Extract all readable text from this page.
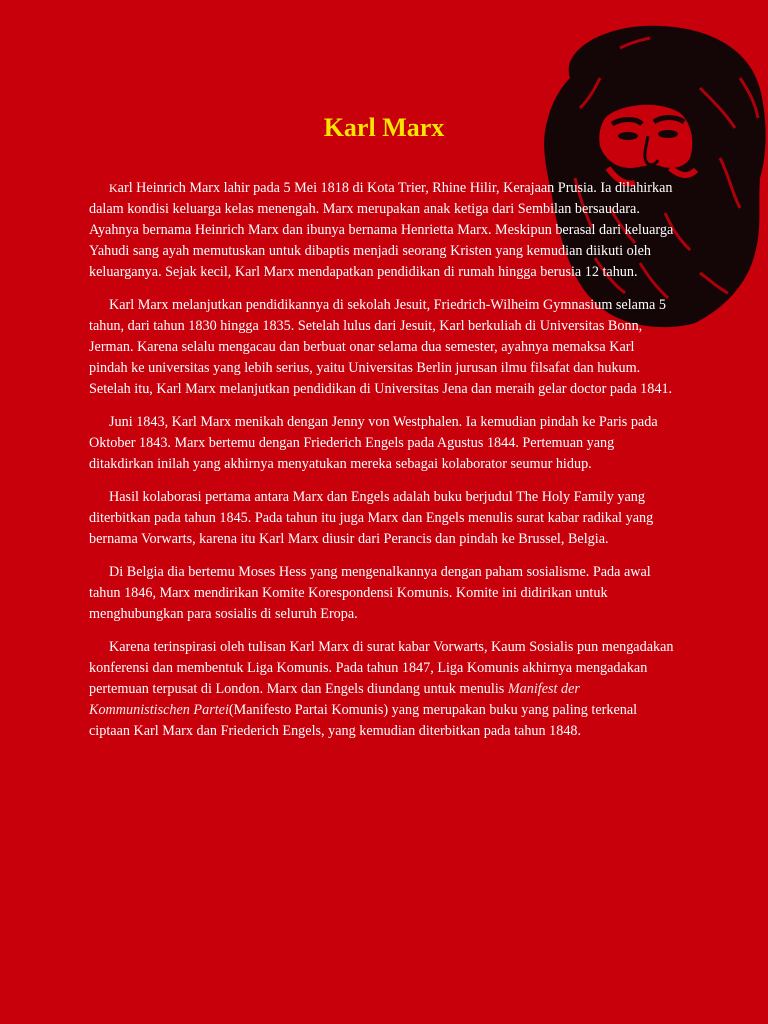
Karl Marx

Karl Heinrich Marx lahir pada 5 Mei 1818 di Kota Trier, Rhine Hilir, Kerajaan Prusia. Ia dilahirkan dalam kondisi keluarga kelas menengah. Marx merupakan anak ketiga dari Sembilan bersaudara. Ayahnya bernama Heinrich Marx dan ibunya bernama Henrietta Marx. Meskipun berasal dari keluarga Yahudi sang ayah memutuskan untuk dibaptis menjadi seorang Kristen yang kemudian diikuti oleh keluarganya. Sejak kecil, Karl Marx mendapatkan pendidikan di rumah hingga berusia 12 tahun.

Karl Marx melanjutkan pendidikannya di sekolah Jesuit, Friedrich-Wilheim Gymnasium selama 5 tahun, dari tahun 1830 hingga 1835. Setelah lulus dari Jesuit, Karl berkuliah di Universitas Bonn, Jerman. Karena selalu mengacau dan berbuat onar selama dua semester, ayahnya memaksa Karl pindah ke universitas yang lebih serius, yaitu Universitas Berlin jurusan ilmu filsafat dan hukum. Setelah itu, Karl Marx melanjutkan pendidikan di Universitas Jena dan meraih gelar doctor pada 1841.

Juni 1843, Karl Marx menikah dengan Jenny von Westphalen. Ia kemudian pindah ke Paris pada Oktober 1843. Marx bertemu dengan Friederich Engels pada Agustus 1844. Pertemuan yang ditakdirkan inilah yang akhirnya menyatukan mereka sebagai kolaborator seumur hidup.

Hasil kolaborasi pertama antara Marx dan Engels adalah buku berjudul The Holy Family yang diterbitkan pada tahun 1845. Pada tahun itu juga Marx dan Engels menulis surat kabar radikal yang bernama Vorwarts, karena itu Karl Marx diusir dari Perancis dan pindah ke Brussel, Belgia.

Di Belgia dia bertemu Moses Hess yang mengenalkannya dengan paham sosialisme. Pada awal tahun 1846, Marx mendirikan Komite Korespondensi Komunis. Komite ini didirikan untuk menghubungkan para sosialis di seluruh Eropa.

Karena terinspirasi oleh tulisan Karl Marx di surat kabar Vorwarts, Kaum Sosialis pun mengadakan konferensi dan membentuk Liga Komunis. Pada tahun 1847, Liga Komunis akhirnya mengadakan pertemuan terpusat di London. Marx dan Engels diundang untuk menulis Manifest der Kommunistischen Partei(Manifesto Partai Komunis) yang merupakan buku yang paling terkenal ciptaan Karl Marx dan Friederich Engels, yang kemudian diterbitkan pada tahun 1848.
